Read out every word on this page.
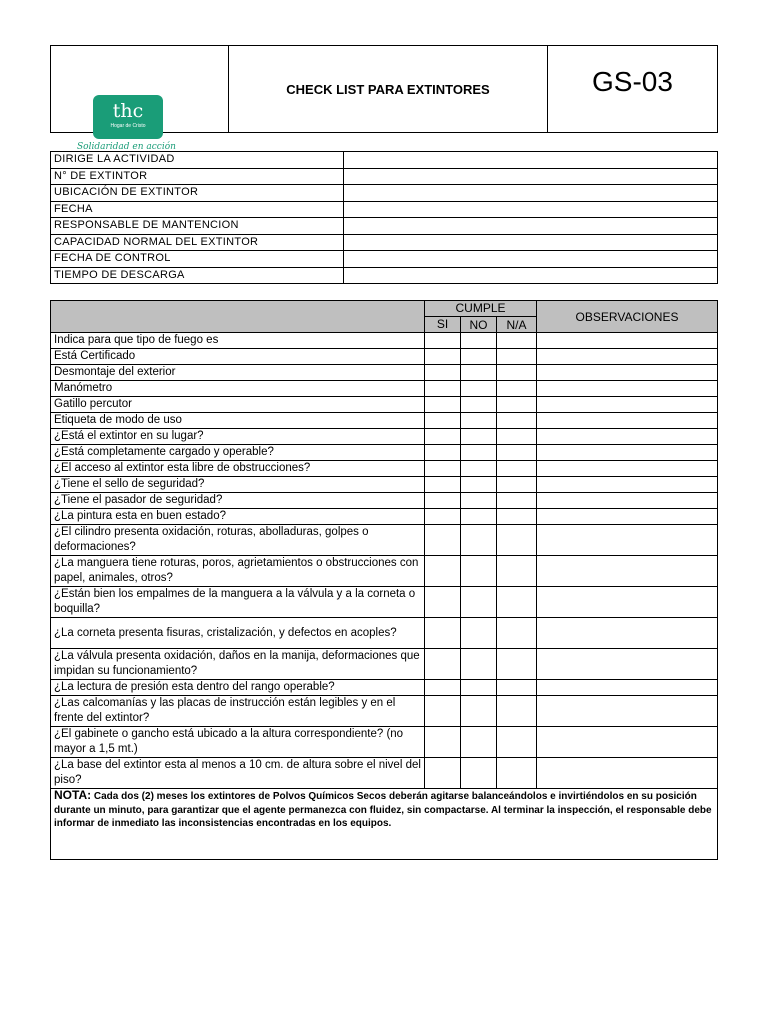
thc
Hogar de Cristo
Solidaridad en acción
CHECK LIST PARA EXTINTORES	GS-03
DIRIGE LA ACTIVIDAD	
N° DE EXTINTOR	
UBICACIÓN DE EXTINTOR	
FECHA	
RESPONSABLE DE MANTENCION	
CAPACIDAD NORMAL DEL EXTINTOR	
FECHA DE CONTROL	
TIEMPO DE DESCARGA	
	CUMPLE			OBSERVACIONES
	SI	NO	N/A	
Indica para que tipo de fuego es				
Está Certificado				
Desmontaje del exterior				
Manómetro				
Gatillo percutor				
Etiqueta de modo de uso				
¿Está el extintor en su lugar?				
¿Está completamente cargado y operable?				
¿El acceso al extintor esta libre de obstrucciones?				
¿Tiene el sello de seguridad?				
¿Tiene el pasador de seguridad?				
¿La pintura esta en buen estado?				
¿El cilindro presenta oxidación, roturas, abolladuras, golpes o deformaciones?				
¿La manguera tiene roturas, poros, agrietamientos o obstrucciones con papel, animales, otros?				
¿Están bien los empalmes de la manguera a la válvula y a la corneta o boquilla?				
¿La corneta presenta fisuras, cristalización, y defectos en acoples?				
¿La válvula presenta oxidación, daños en la manija, deformaciones que impidan su funcionamiento?				
¿La lectura de presión esta dentro del rango operable?				
¿Las calcomanías y las placas de instrucción están legibles y en el frente del extintor?				
¿El gabinete o gancho está ubicado a la altura correspondiente? (no mayor a 1,5 mt.)				
¿La base del extintor esta al menos a 10 cm. de altura sobre el nivel del piso?				
NOTA: Cada dos (2) meses los extintores de Polvos Químicos Secos deberán agitarse balanceándolos e invirtiéndolos en su posición durante un minuto, para garantizar que el agente permanezca con fluidez, sin compactarse. Al terminar la inspección, el responsable debe informar de inmediato las inconsistencias encontradas en los equipos.				
